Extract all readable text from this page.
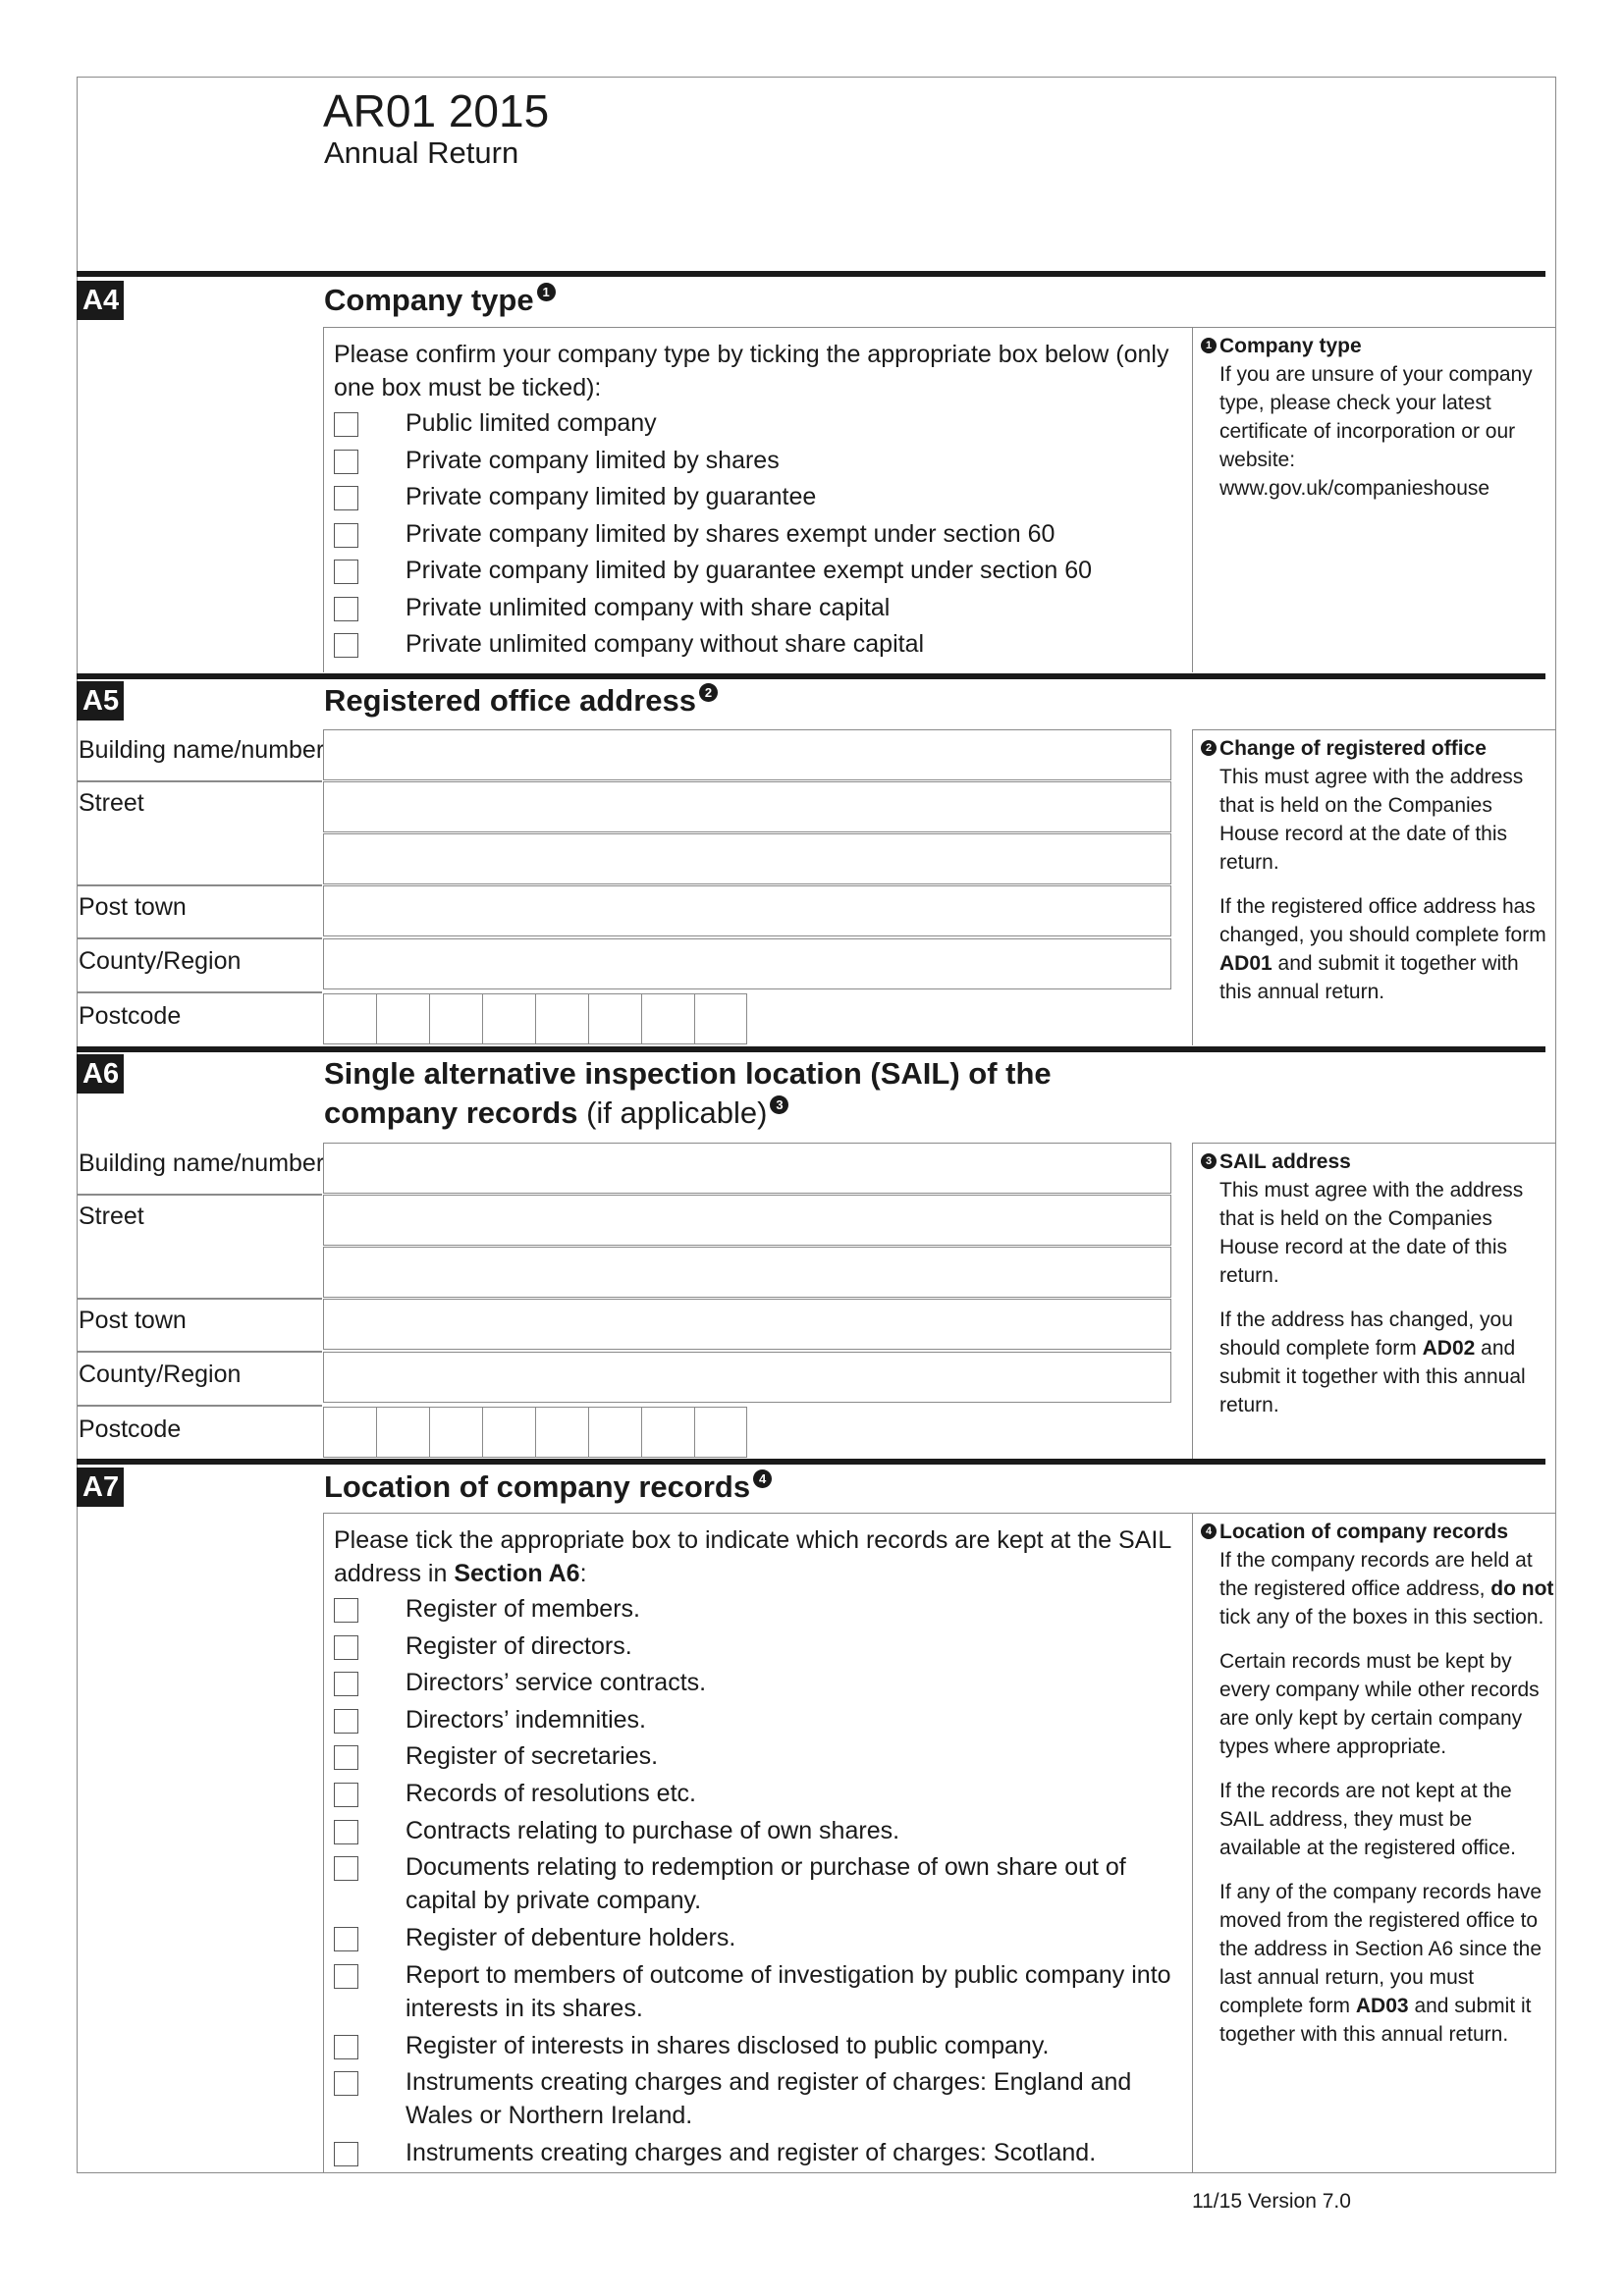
AR01 2015
Annual Return
A4	Company type 1
Please confirm your company type by ticking the appropriate box below (only one box must be ticked):
Public limited company
Private company limited by shares
Private company limited by guarantee
Private company limited by shares exempt under section 60
Private company limited by guarantee exempt under section 60
Private unlimited company with share capital
Private unlimited company without share capital
1 Company type
If you are unsure of your company type, please check your latest certificate of incorporation or our website:
www.gov.uk/companieshouse
A5	Registered office address 2
Building name/number
Street
Post town
County/Region
Postcode
2 Change of registered office

This must agree with the address that is held on the Companies House record at the date of this return.

If the registered office address has changed, you should complete form AD01 and submit it together with this annual return.

A6	Single alternative inspection location (SAIL) of the
company records (if applicable) 3
Building name/number
Street
Post town
County/Region
Postcode
3 SAIL address

This must agree with the address that is held on the Companies House record at the date of this return.

If the address has changed, you should complete form AD02 and submit it together with this annual return.

A7	Location of company records 4
Please tick the appropriate box to indicate which records are kept at the SAIL address in Section A6:
Register of members.
Register of directors.
Directors’ service contracts.
Directors’ indemnities.
Register of secretaries.
Records of resolutions etc.
Contracts relating to purchase of own shares.
Documents relating to redemption or purchase of own share out of capital by private company.
Register of debenture holders.
Report to members of outcome of investigation by public company into interests in its shares.
Register of interests in shares disclosed to public company.
Instruments creating charges and register of charges: England and Wales or Northern Ireland.
Instruments creating charges and register of charges: Scotland.
4 Location of company records

If the company records are held at the registered office address, do not tick any of the boxes in this section.

Certain records must be kept by every company while other records are only kept by certain company types where appropriate.

If the records are not kept at the SAIL address, they must be available at the registered office.

If any of the company records have moved from the registered office to the address in Section A6 since the last annual return, you must complete form AD03 and submit it together with this annual return.

11/15 Version 7.0
